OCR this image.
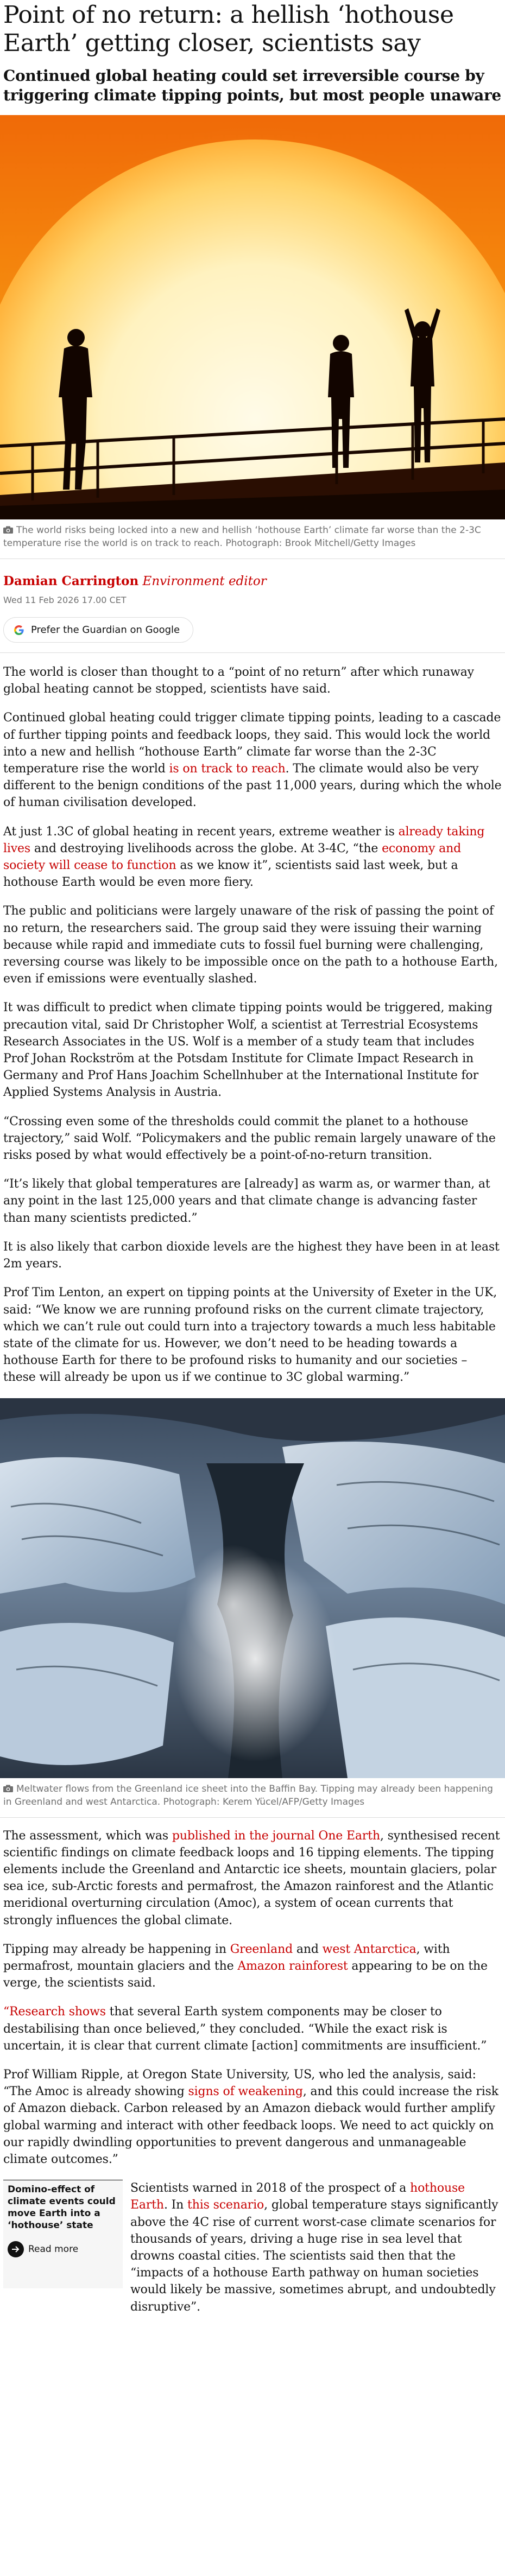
Point of no return: a hellish ‘hothouse Earth’ getting closer, scientists say

Continued global heating could set irreversible course by triggering climate tipping points, but most people unaware

The world risks being locked into a new and hellish ‘hothouse Earth’ climate far worse than the 2-3C temperature rise the world is on track to reach. Photograph: Brook Mitchell/Getty Images

Damian Carrington Environment editor
Wed 11 Feb 2026 17.00 CET
Prefer the Guardian on Google

The world is closer than thought to a “point of no return” after which runaway global heating cannot be stopped, scientists have said.

Continued global heating could trigger climate tipping points, leading to a cascade of further tipping points and feedback loops, they said. This would lock the world into a new and hellish “hothouse Earth” climate far worse than the 2-3C temperature rise the world is on track to reach. The climate would also be very different to the benign conditions of the past 11,000 years, during which the whole of human civilisation developed.

At just 1.3C of global heating in recent years, extreme weather is already taking lives and destroying livelihoods across the globe. At 3-4C, “the economy and society will cease to function as we know it”, scientists said last week, but a hothouse Earth would be even more fiery.

The public and politicians were largely unaware of the risk of passing the point of no return, the researchers said. The group said they were issuing their warning because while rapid and immediate cuts to fossil fuel burning were challenging, reversing course was likely to be impossible once on the path to a hothouse Earth, even if emissions were eventually slashed.

It was difficult to predict when climate tipping points would be triggered, making precaution vital, said Dr Christopher Wolf, a scientist at Terrestrial Ecosystems Research Associates in the US. Wolf is a member of a study team that includes Prof Johan Rockström at the Potsdam Institute for Climate Impact Research in Germany and Prof Hans Joachim Schellnhuber at the International Institute for Applied Systems Analysis in Austria.

“Crossing even some of the thresholds could commit the planet to a hothouse trajectory,” said Wolf. “Policymakers and the public remain largely unaware of the risks posed by what would effectively be a point-of-no-return transition.

“It’s likely that global temperatures are [already] as warm as, or warmer than, at any point in the last 125,000 years and that climate change is advancing faster than many scientists predicted.”

It is also likely that carbon dioxide levels are the highest they have been in at least 2m years.

Prof Tim Lenton, an expert on tipping points at the University of Exeter in the UK, said: “We know we are running profound risks on the current climate trajectory, which we can’t rule out could turn into a trajectory towards a much less habitable state of the climate for us. However, we don’t need to be heading towards a hothouse Earth for there to be profound risks to humanity and our societies – these will already be upon us if we continue to 3C global warming.”

Meltwater flows from the Greenland ice sheet into the Baffin Bay. Tipping may already been happening in Greenland and west Antarctica. Photograph: Kerem Yücel/AFP/Getty Images

The assessment, which was published in the journal One Earth, synthesised recent scientific findings on climate feedback loops and 16 tipping elements. The tipping elements include the Greenland and Antarctic ice sheets, mountain glaciers, polar sea ice, sub-Arctic forests and permafrost, the Amazon rainforest and the Atlantic meridional overturning circulation (Amoc), a system of ocean currents that strongly influences the global climate.

Tipping may already be happening in Greenland and west Antarctica, with permafrost, mountain glaciers and the Amazon rainforest appearing to be on the verge, the scientists said.

“Research shows that several Earth system components may be closer to destabilising than once believed,” they concluded. “While the exact risk is uncertain, it is clear that current climate [action] commitments are insufficient.”

Prof William Ripple, at Oregon State University, US, who led the analysis, said: “The Amoc is already showing signs of weakening, and this could increase the risk of Amazon dieback. Carbon released by an Amazon dieback would further amplify global warming and interact with other feedback loops. We need to act quickly on our rapidly dwindling opportunities to prevent dangerous and unmanageable climate outcomes.”

Domino-effect of climate events could move Earth into a ‘hothouse’ state
Read more

Scientists warned in 2018 of the prospect of a hothouse Earth. In this scenario, global temperature stays significantly above the 4C rise of current worst-case climate scenarios for thousands of years, driving a huge rise in sea level that drowns coastal cities. The scientists said then that the “impacts of a hothouse Earth pathway on human societies would likely be massive, sometimes abrupt, and undoubtedly disruptive”.
